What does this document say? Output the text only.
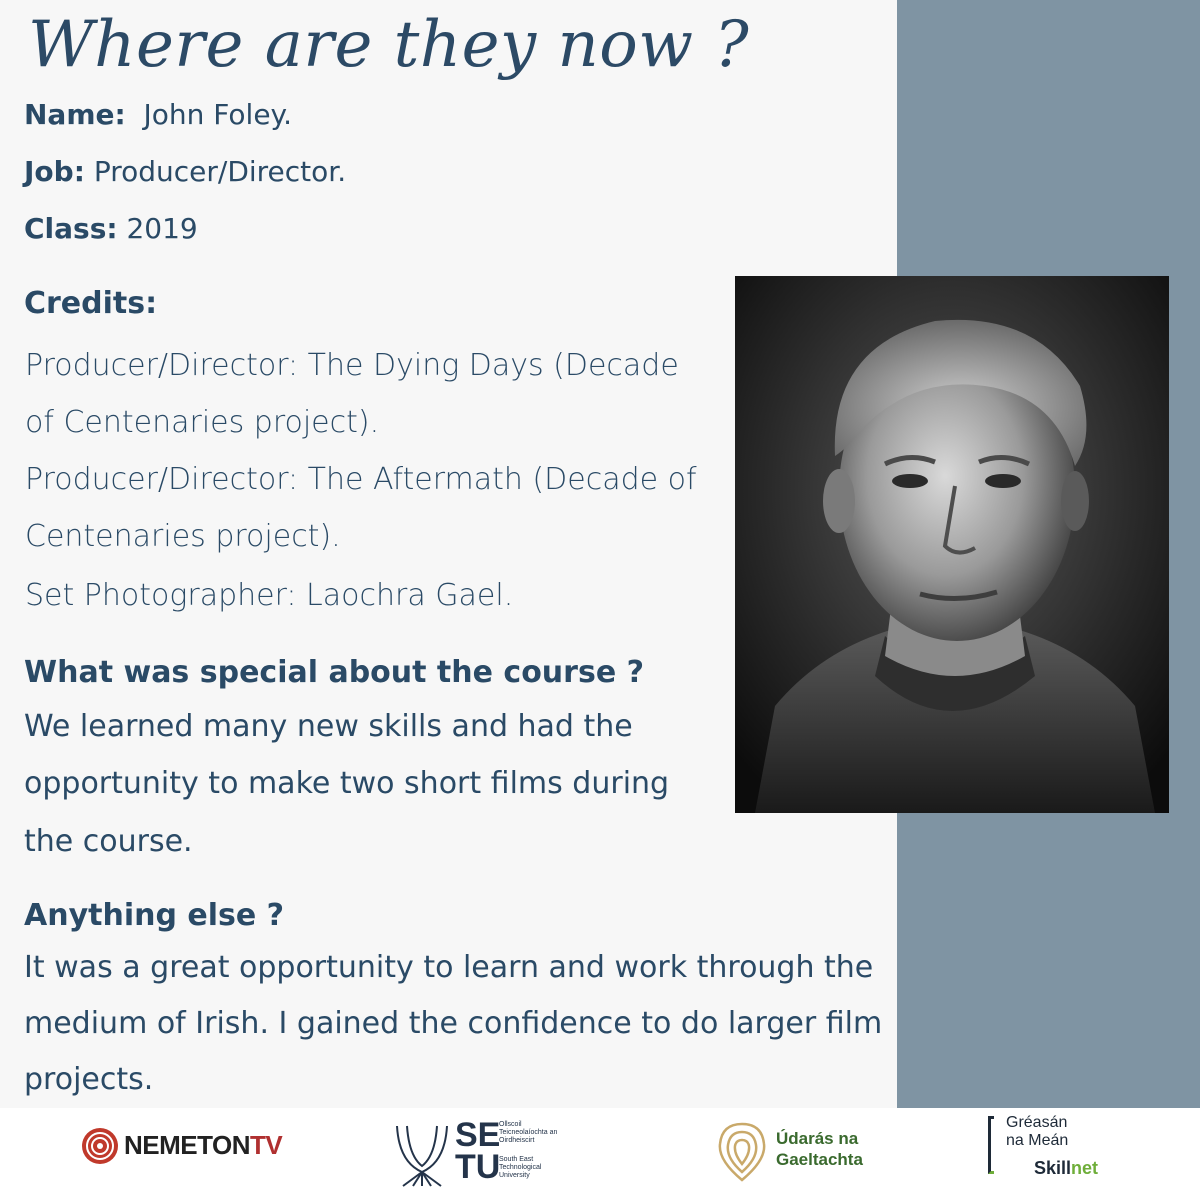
Where are they now ?
Name: John Foley.
Job: Producer/Director.
Class: 2019
Credits:
Producer/Director: The Dying Days (Decade
of Centenaries project).
Producer/Director: The Aftermath (Decade of
Centenaries project).
Set Photographer: Laochra Gael.
What was special about the course ?
We learned many new skills and had the
opportunity to make two short films during
the course.
Anything else ?
It was a great opportunity to learn and work through the
medium of Irish. I gained the confidence to do larger film
projects.
NEMETONTV	SE
TU
Ollscoil Teicneolaíochta an Oirdheiscirt
South East Technological University
Údarás na
Gaeltachta
Gréasán
na Meán
Skillnet
